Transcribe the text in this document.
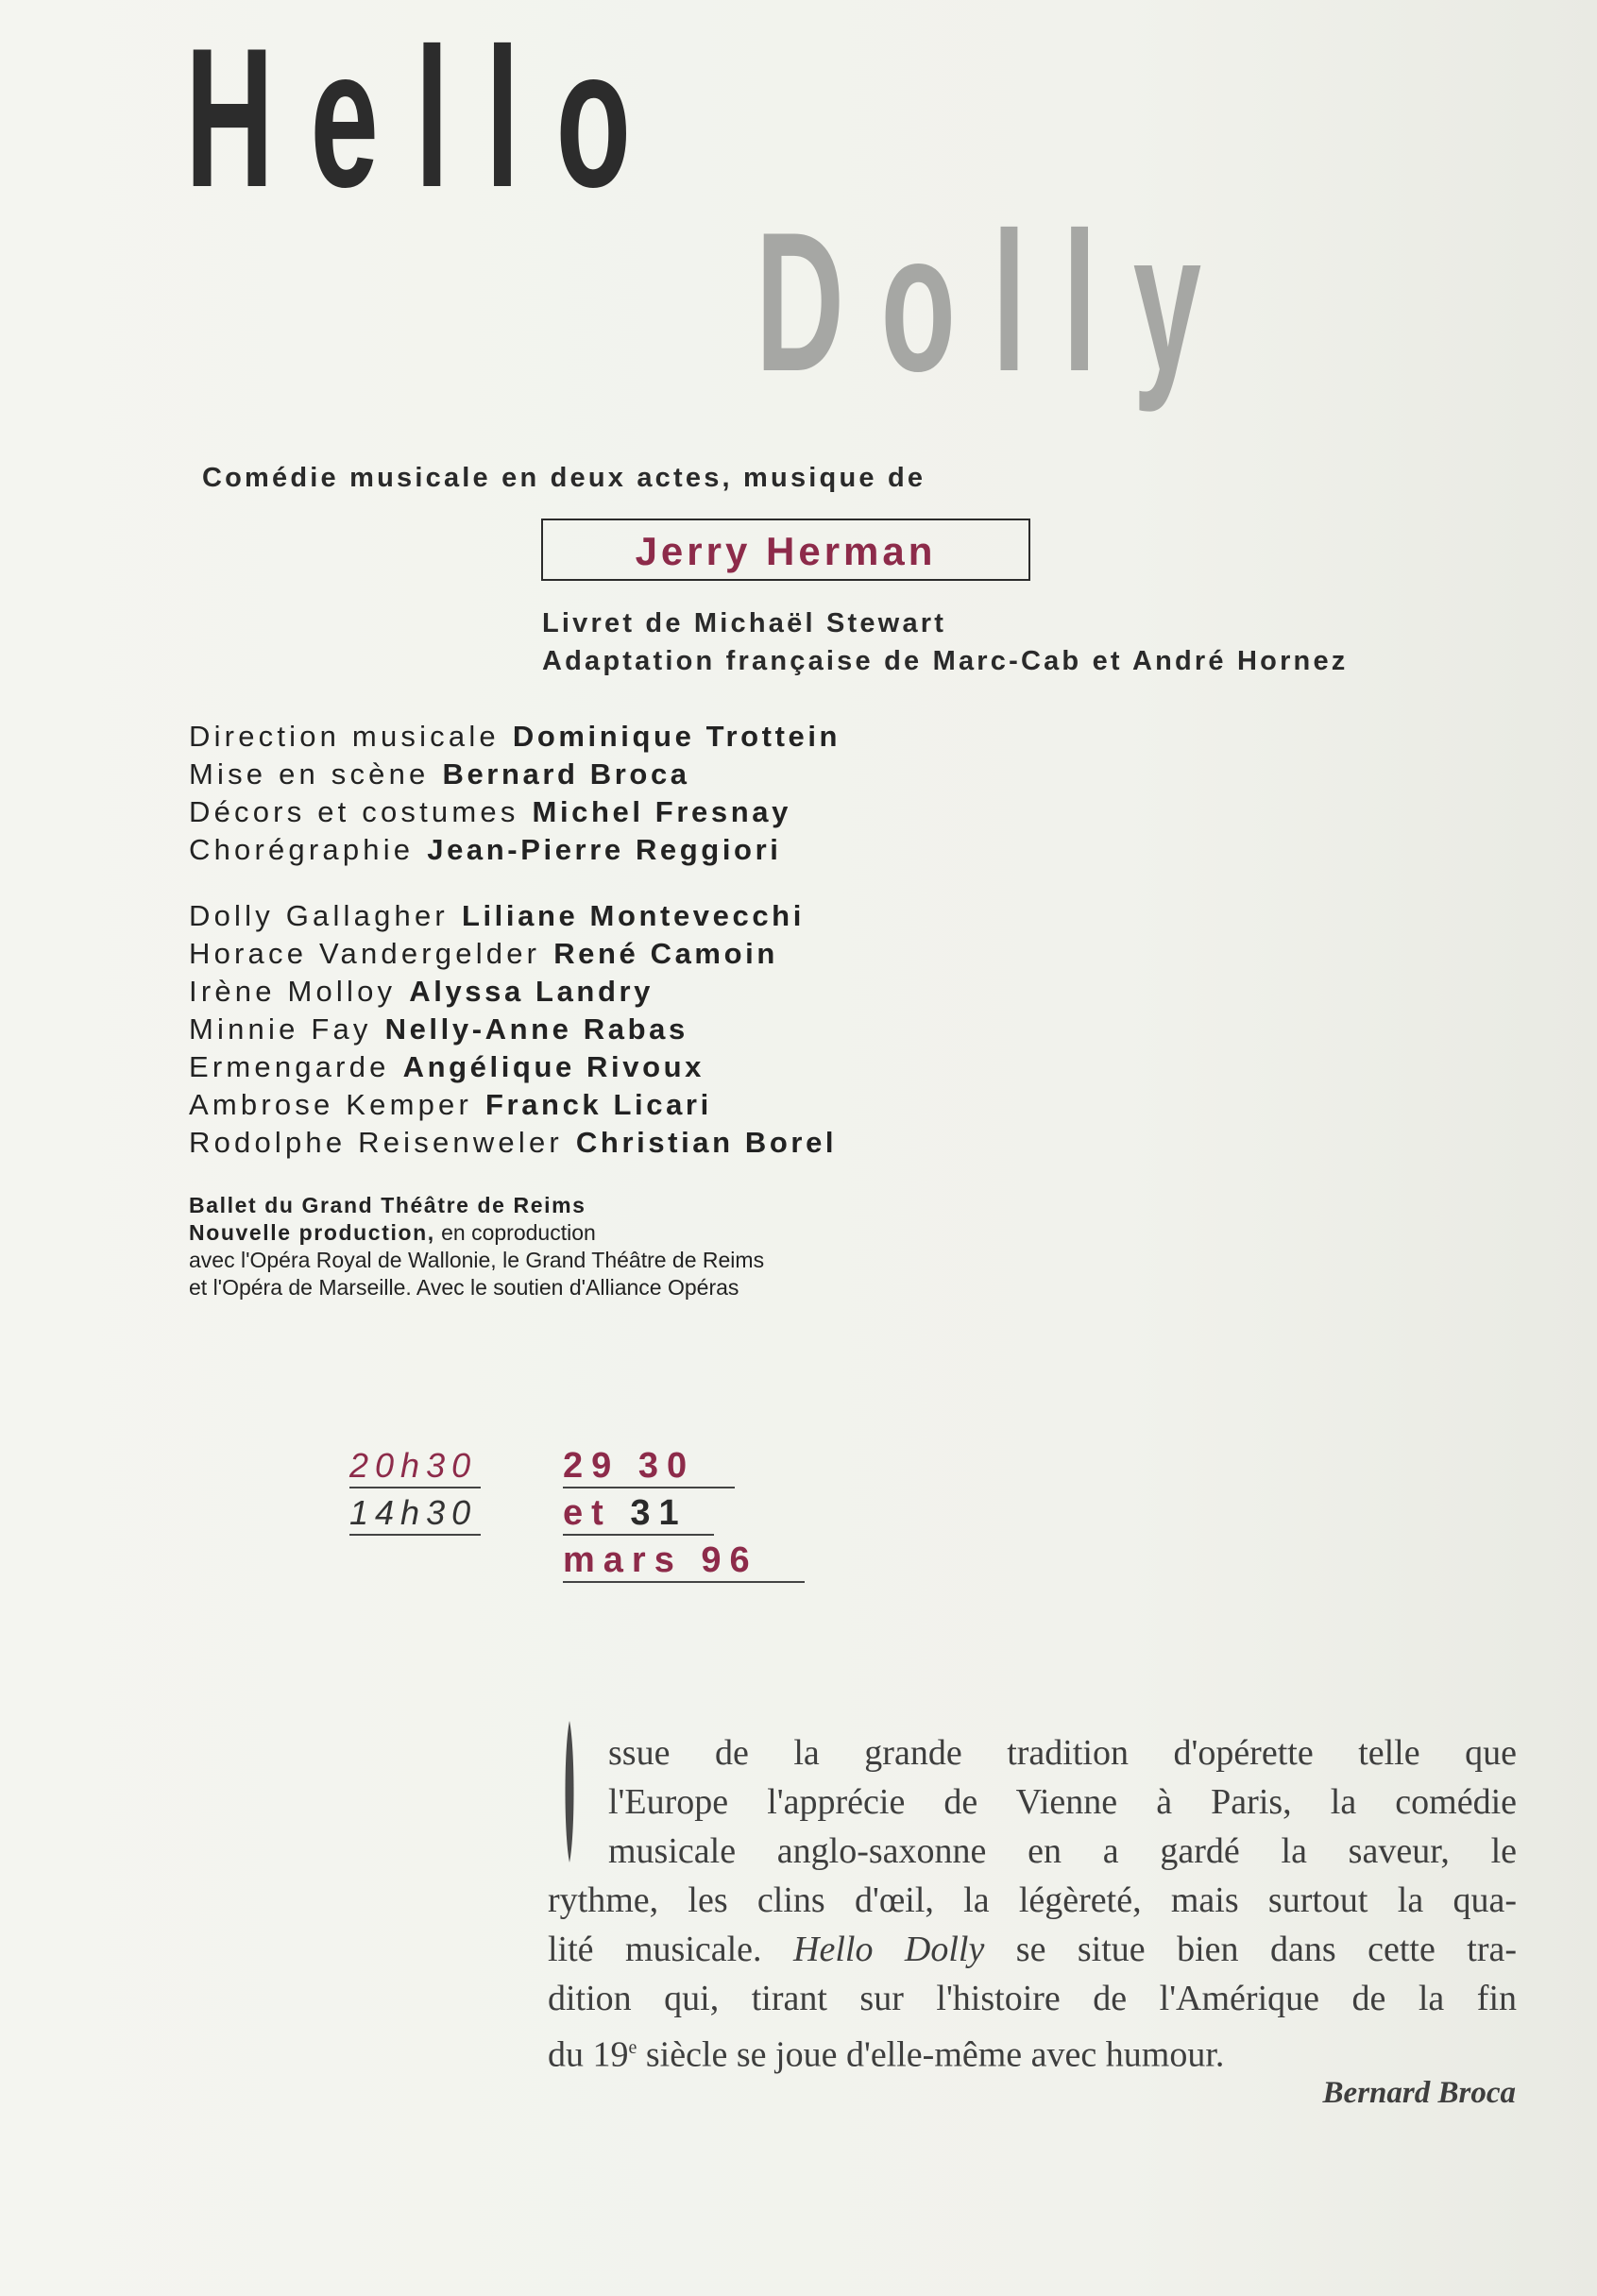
Hello
Dolly
Comédie musicale en deux actes, musique de
Jerry Herman
Livret de Michaël Stewart
Adaptation française de Marc-Cab et André Hornez
Direction musicale Dominique Trottein
Mise en scène Bernard Broca
Décors et costumes Michel Fresnay
Chorégraphie Jean-Pierre Reggiori
Dolly Gallagher Liliane Montevecchi
Horace Vandergelder René Camoin
Irène Molloy Alyssa Landry
Minnie Fay Nelly-Anne Rabas
Ermengarde Angélique Rivoux
Ambrose Kemper Franck Licari
Rodolphe Reisenweler Christian Borel
Ballet du Grand Théâtre de Reims
Nouvelle production, en coproduction
avec l'Opéra Royal de Wallonie, le Grand Théâtre de Reims
et l'Opéra de Marseille. Avec le soutien d'Alliance Opéras
20h30
14h30
29 30
et 31
mars 96
ssue de la grande tradition d'opérette telle que
l'Europe l'apprécie de Vienne à Paris, la comédie
musicale anglo-saxonne en a gardé la saveur, le
rythme, les clins d'œil, la légèreté, mais surtout la qua-
lité musicale. Hello Dolly se situe bien dans cette tra-
dition qui, tirant sur l'histoire de l'Amérique de la fin
du 19e siècle se joue d'elle-même avec humour.
Bernard Broca
